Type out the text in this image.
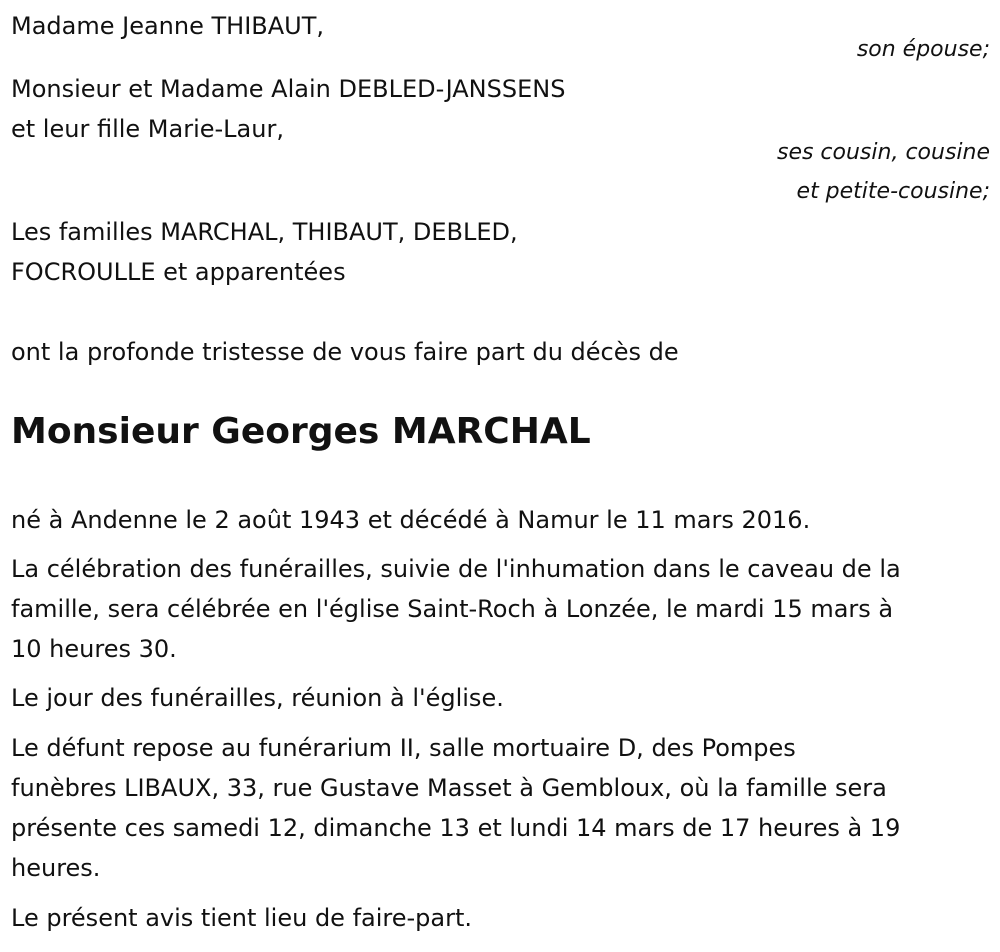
Madame Jeanne THIBAUT,

son épouse;

Monsieur et Madame Alain DEBLED-JANSSENS

et leur fille Marie-Laur,

ses cousin, cousine

et petite-cousine;

Les familles MARCHAL, THIBAUT, DEBLED,

FOCROULLE et apparentées

ont la profonde tristesse de vous faire part du décès de

Monsieur Georges MARCHAL

né à Andenne le 2 août 1943 et décédé à Namur le 11 mars 2016.

La célébration des funérailles, suivie de l'inhumation dans le caveau de la

famille, sera célébrée en l'église Saint-Roch à Lonzée, le mardi 15 mars à

10 heures 30.

Le jour des funérailles, réunion à l'église.

Le défunt repose au funérarium II, salle mortuaire D, des Pompes

funèbres LIBAUX, 33, rue Gustave Masset à Gembloux, où la famille sera

présente ces samedi 12, dimanche 13 et lundi 14 mars de 17 heures à 19

heures.

Le présent avis tient lieu de faire-part.
